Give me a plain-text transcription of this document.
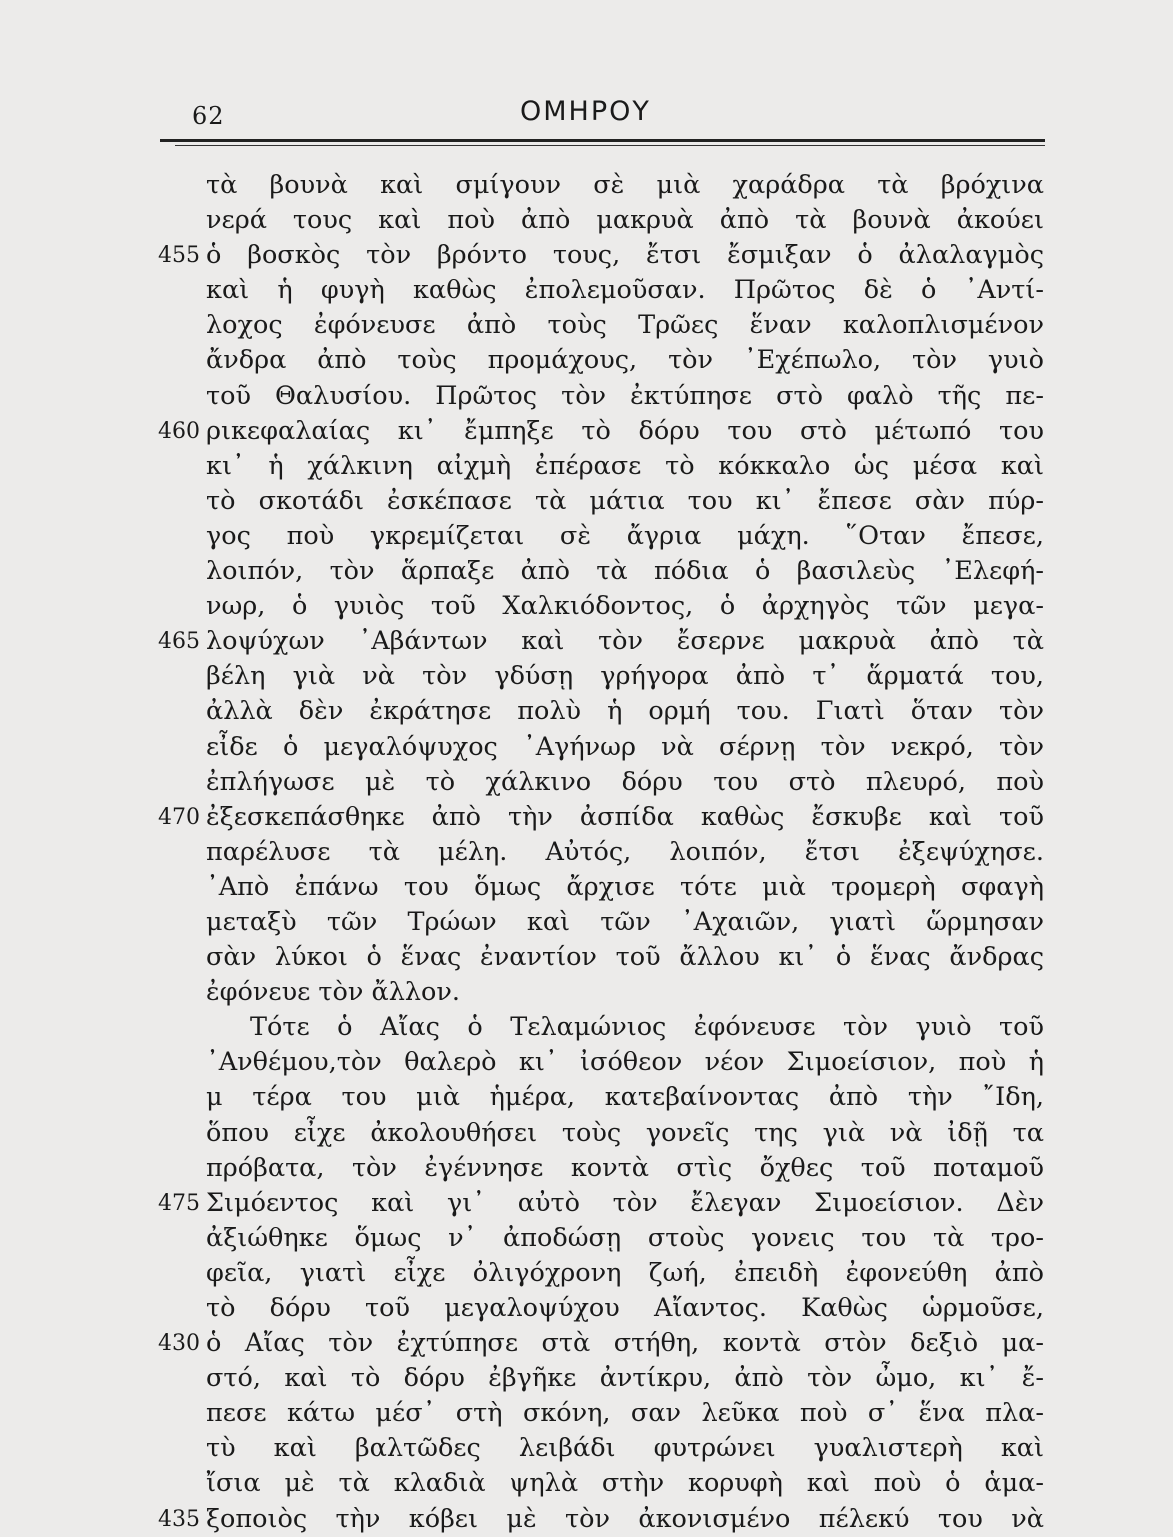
62	ΟΜΗΡΟΥ
τὰ βουνὰ καὶ σμίγουν σὲ μιὰ χαράδρα τὰ βρόχινα
νερά τους καὶ ποὺ ἀπὸ μακρυὰ ἀπὸ τὰ βουνὰ ἀκούει
455 ὁ βοσκὸς τὸν βρόντο τους, ἔτσι ἔσμιξαν ὁ ἀλαλαγμὸς
καὶ ἡ φυγὴ καθὼς ἐπολεμοῦσαν. Πρῶτος δὲ ὁ ᾿Αντί-
λοχος ἐφόνευσε ἀπὸ τοὺς Τρῶες ἕναν καλοπλισμένον
ἄνδρα ἀπὸ τοὺς προμάχους, τὸν ᾿Εχέπωλο, τὸν γυιὸ
τοῦ Θαλυσίου. Πρῶτος τὸν ἐκτύπησε στὸ φαλὸ τῆς πε-
460 ρικεφαλαίας κι᾿ ἔμπηξε τὸ δόρυ του στὸ μέτωπό του
κι᾿ ἡ χάλκινη αἰχμὴ ἐπέρασε τὸ κόκκαλο ὡς μέσα καὶ
τὸ σκοτάδι ἐσκέπασε τὰ μάτια του κι᾿ ἔπεσε σὰν πύρ-
γος ποὺ γκρεμίζεται σὲ ἄγρια μάχη. ῞Οταν ἔπεσε,
λοιπόν, τὸν ἅρπαξε ἀπὸ τὰ πόδια ὁ βασιλεὺς ᾿Ελεφή-
νωρ, ὁ γυιὸς τοῦ Χαλκιόδοντος, ὁ ἀρχηγὸς τῶν μεγα-
465 λοψύχων ᾿Αβάντων καὶ τὸν ἔσερνε μακρυὰ ἀπὸ τὰ
βέλη γιὰ νὰ τὸν γδύσῃ γρήγορα ἀπὸ τ᾿ ἅρματά του,
ἀλλὰ δὲν ἐκράτησε πολὺ ἡ ορμή του. Γιατὶ ὅταν τὸν
εἶδε ὁ μεγαλόψυχος ᾿Αγήνωρ νὰ σέρνῃ τὸν νεκρό, τὸν
ἐπλήγωσε μὲ τὸ χάλκινο δόρυ του στὸ πλευρό, ποὺ
470 ἐξεσκεπάσθηκε ἀπὸ τὴν ἀσπίδα καθὼς ἔσκυβε καὶ τοῦ
παρέλυσε τὰ μέλη. Αὐτός, λοιπόν, ἔτσι ἐξεψύχησε.
᾿Απὸ ἐπάνω του ὅμως ἄρχισε τότε μιὰ τρομερὴ σφαγὴ
μεταξὺ τῶν Τρώων καὶ τῶν ᾿Αχαιῶν, γιατὶ ὥρμησαν
σὰν λύκοι ὁ ἕνας ἐναντίον τοῦ ἄλλου κι᾿ ὁ ἕνας ἄνδρας
ἐφόνευε τὸν ἄλλον.
Τότε ὁ Αἴας ὁ Τελαμώνιος ἐφόνευσε τὸν γυιὸ τοῦ
᾿Ανθέμου,τὸν θαλερὸ κι᾿ ἰσόθεον νέον Σιμοείσιον, ποὺ ἡ
μ τέρα του μιὰ ἡμέρα, κατεβαίνοντας ἀπὸ τὴν ῎Ιδη,
ὅπου εἶχε ἀκολουθήσει τοὺς γονεῖς της γιὰ νὰ ἰδῇ τα
πρόβατα, τὸν ἐγέννησε κοντὰ στὶς ὄχθες τοῦ ποταμοῦ
475 Σιμόεντος καὶ γι᾿ αὐτὸ τὸν ἔλεγαν Σιμοείσιον. Δὲν
ἀξιώθηκε ὅμως ν᾿ ἀποδώσῃ στοὺς γονεις του τὰ τρο-
φεῖα, γιατὶ εἶχε ὀλιγόχρονη ζωή, ἐπειδὴ ἐφονεύθη ἀπὸ
τὸ δόρυ τοῦ μεγαλοψύχου Αἴαντος. Καθὼς ὡρμοῦσε,
430 ὁ Αἴας τὸν ἐχτύπησε στὰ στήθη, κοντὰ στὸν δεξιὸ μα-
στό, καὶ τὸ δόρυ ἐβγῆκε ἀντίκρυ, ἀπὸ τὸν ὦμο, κι᾿ ἔ-
πεσε κάτω μέσ᾿ στὴ σκόνη, σαν λεῦκα ποὺ σ᾿ ἕνα πλα-
τὺ καὶ βαλτῶδες λειβάδι φυτρώνει γυαλιστερὴ καὶ
ἴσια μὲ τὰ κλαδιὰ ψηλὰ στὴν κορυφὴ καὶ ποὺ ὁ ἁμα-
435 ξοποιὸς τὴν κόβει μὲ τὸν ἀκονισμένο πέλεκύ του νὰ
